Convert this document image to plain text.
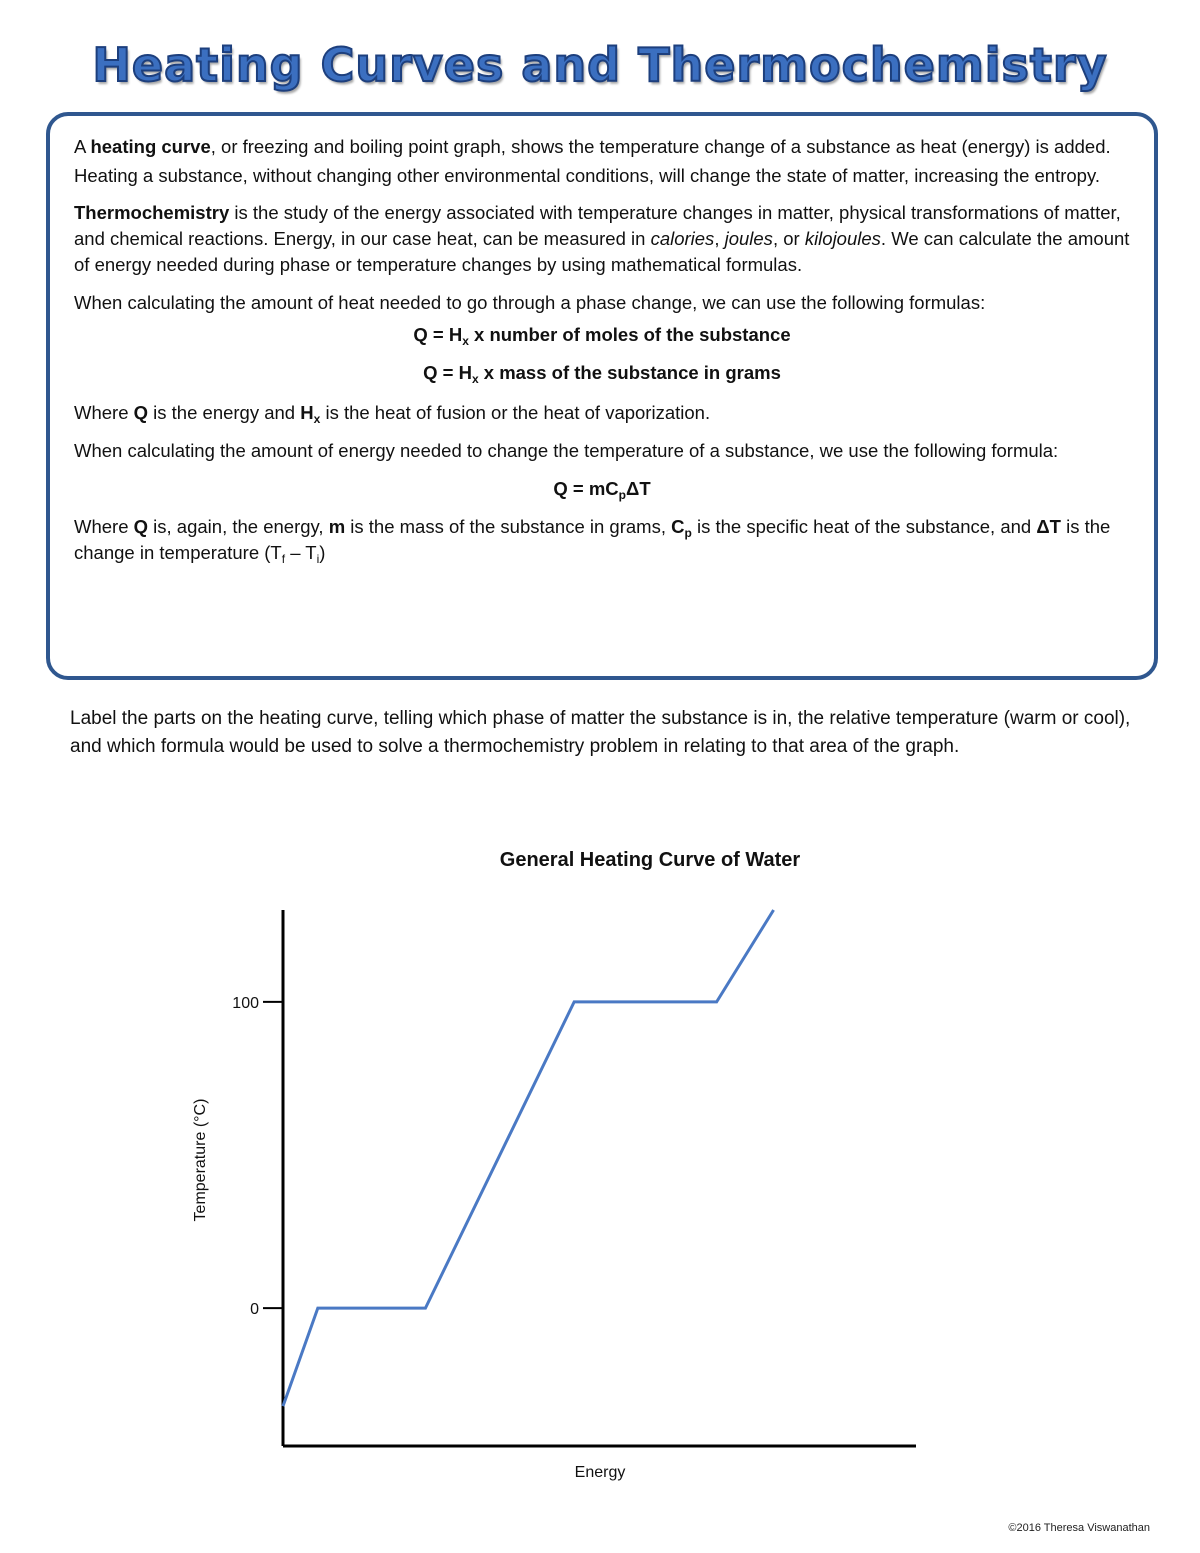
Heating Curves and Thermochemistry

A heating curve, or freezing and boiling point graph, shows the temperature change of a substance as heat (energy) is added. Heating a substance, without changing other environmental conditions, will change the state of matter, increasing the entropy.

Thermochemistry is the study of the energy associated with temperature changes in matter, physical transformations of matter, and chemical reactions. Energy, in our case heat, can be measured in calories, joules, or kilojoules. We can calculate the amount of energy needed during phase or temperature changes by using mathematical formulas.

When calculating the amount of heat needed to go through a phase change, we can use the following formulas:

$Q = H_x$ x number of moles of the substance

$Q = H_x$ x mass of the substance in grams

Where Q is the energy and $H_x$ is the heat of fusion or the heat of vaporization.

When calculating the amount of energy needed to change the temperature of a substance, we use the following formula:

$Q = mC_p\Delta T$

Where Q is, again, the energy, m is the mass of the substance in grams, $C_p$ is the specific heat of the substance, and ΔT is the change in temperature $(T_f - T_i)$

Label the parts on the heating curve, telling which phase of matter the substance is in, the relative temperature (warm or cool), and which formula would be used to solve a thermochemistry problem in relating to that area of the graph.
General Heating Curve of Water
0
100
Energy
Temperature (°C)
©2016 Theresa Viswanathan
